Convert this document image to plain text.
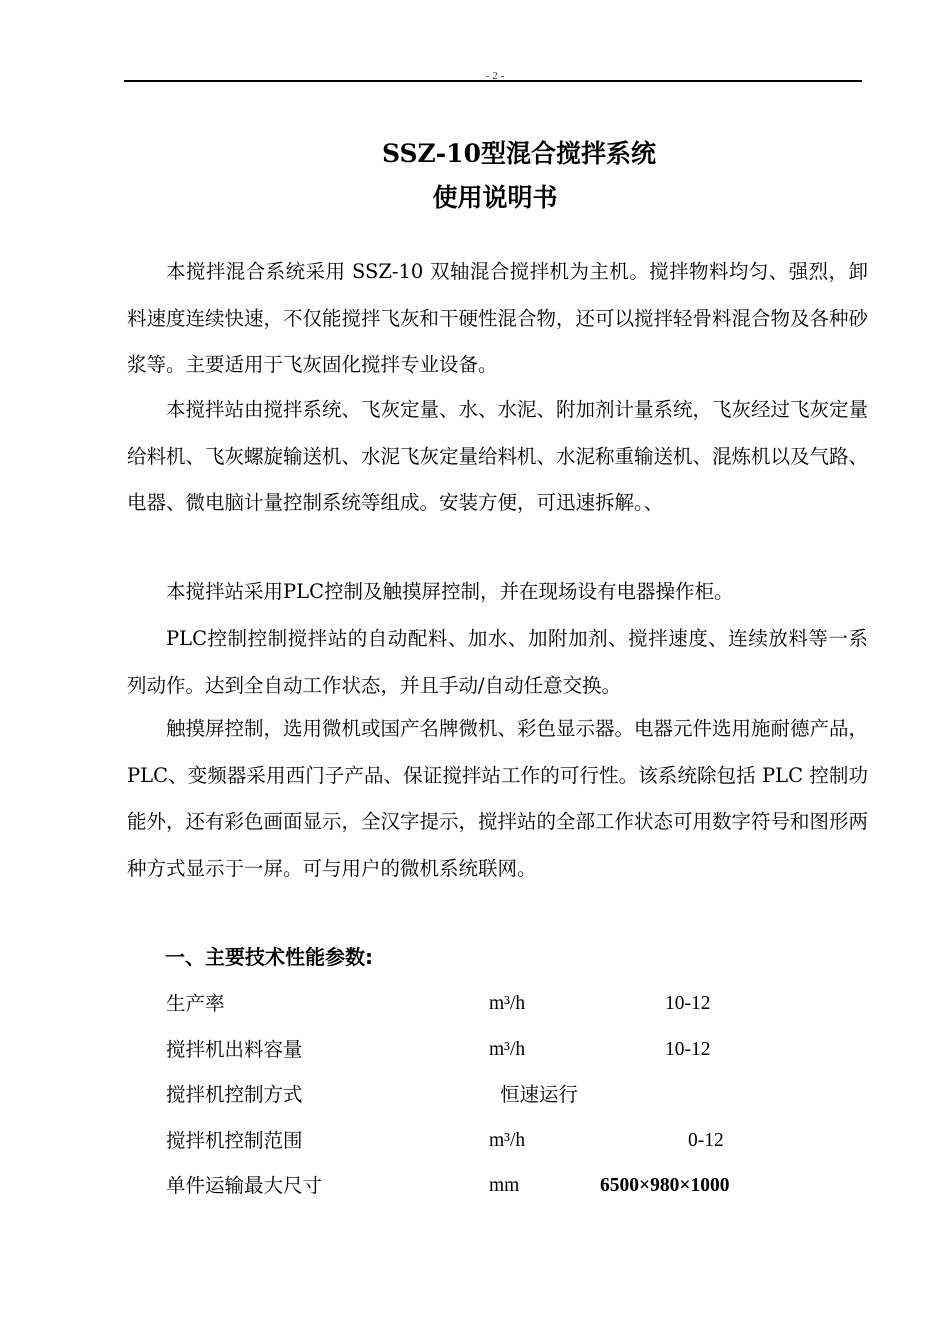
- 2 -
SSZ-10型混合搅拌系统
使用说明书

本搅拌混合系统采用 SSZ-10 双轴混合搅拌机为主机。搅拌物料均匀、强烈，卸料速度连续快速，不仅能搅拌飞灰和干硬性混合物，还可以搅拌轻骨料混合物及各种砂浆等。主要适用于飞灰固化搅拌专业设备。

本搅拌站由搅拌系统、飞灰定量、水、水泥、附加剂计量系统，飞灰经过飞灰定量给料机、飞灰螺旋输送机、水泥飞灰定量给料机、水泥称重输送机、混炼机以及气路、电器、微电脑计量控制系统等组成。安装方便，可迅速拆解。、

本搅拌站采用PLC控制及触摸屏控制，并在现场设有电器操作柜。

PLC控制控制搅拌站的自动配料、加水、加附加剂、搅拌速度、连续放料等一系列动作。达到全自动工作状态，并且手动/自动任意交换。

触摸屏控制，选用微机或国产名牌微机、彩色显示器。电器元件选用施耐德产品，PLC、变频器采用西门子产品、保证搅拌站工作的可行性。该系统除包括 PLC 控制功能外，还有彩色画面显示，全汉字提示，搅拌站的全部工作状态可用数字符号和图形两种方式显示于一屏。可与用户的微机系统联网。

一、主要技术性能参数:
生产率	m³/h	10-12
搅拌机出料容量	m³/h	10-12
搅拌机控制方式	恒速运行
搅拌机控制范围	m³/h	0-12
单件运输最大尺寸	mm	6500×980×1000
